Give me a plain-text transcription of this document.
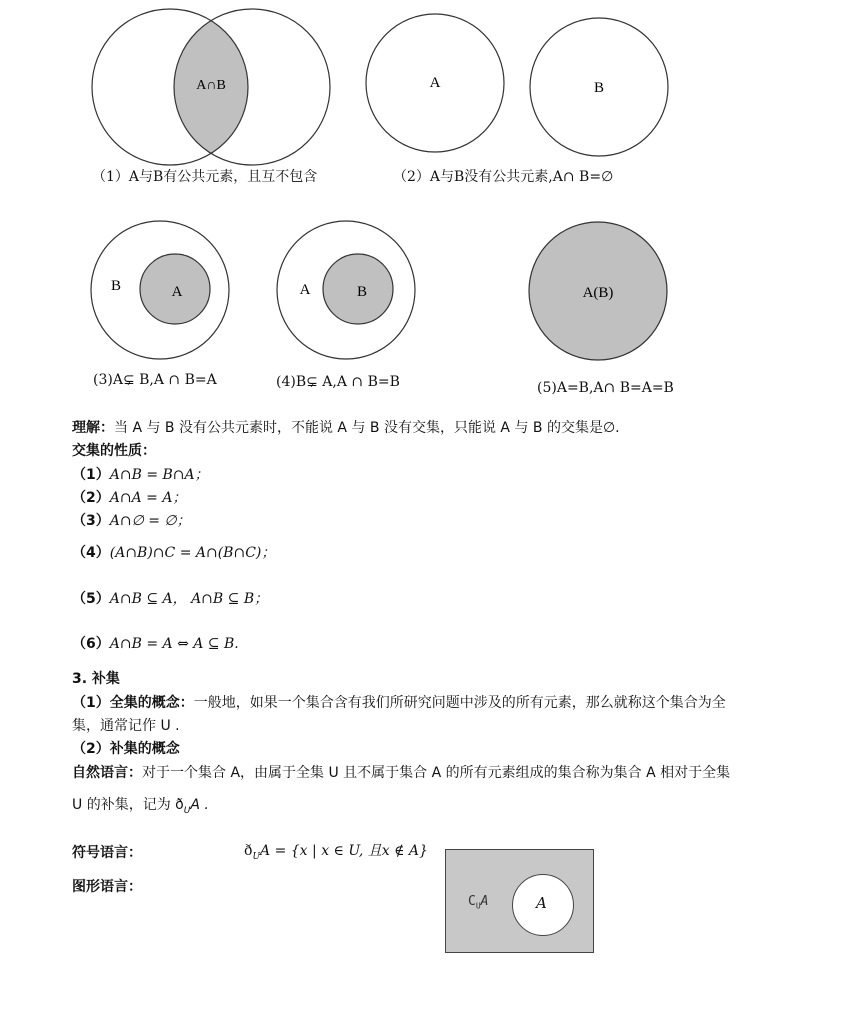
A∩B	A	B
（1）A与B有公共元素，且互不包含	（2）A与B没有公共元素,A∩ B=∅
B	A	A	B	A(B)
(3)A⊊ B,A ∩ B=A	(4)B⊊ A,A ∩ B=B	(5)A=B,A∩ B=A=B
理解：当 A 与 B 没有公共元素时，不能说 A 与 B 没有交集，只能说 A 与 B 的交集是∅.
交集的性质：
（1）A∩B = B∩A；
（2）A∩A = A；
（3）A∩∅ = ∅；
（4）(A∩B)∩C = A∩(B∩C)；
（5）A∩B ⊆ A， A∩B ⊆ B；
（6）A∩B = A ⇔ A ⊆ B.
3. 补集
（1）全集的概念：一般地，如果一个集合含有我们所研究问题中涉及的所有元素，那么就称这个集合为全
集，通常记作 U .
（2）补集的概念
自然语言：对于一个集合 A，由属于全集 U 且不属于集合 A 的所有元素组成的集合称为集合 A 相对于全集
U 的补集，记为 $ð_UA$ .
符号语言：	$ð_UA = \{x$ | x ∈ U, 且x ∉ A}
图形语言：
$C_UA$	A
